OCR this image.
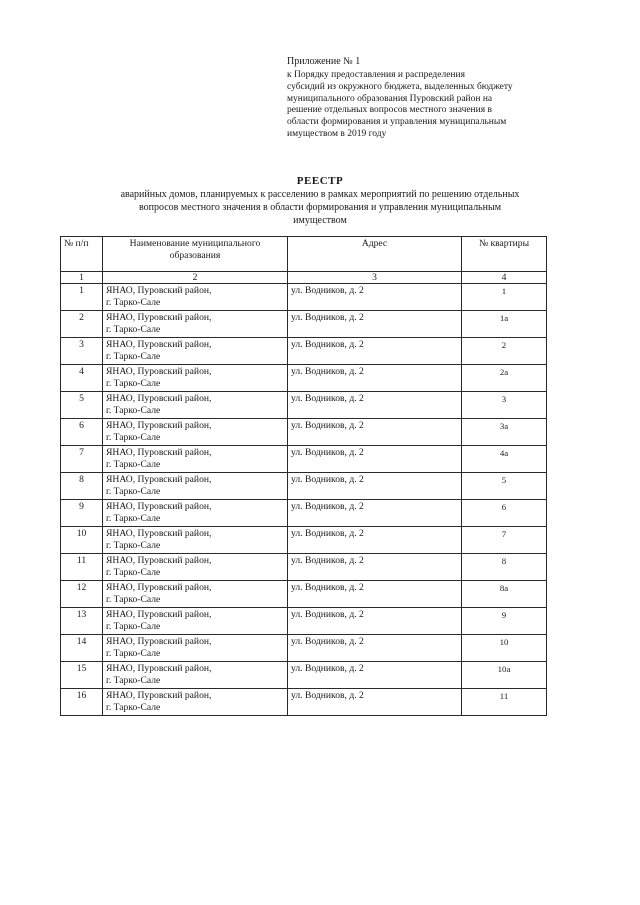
Приложение № 1
к Порядку предоставления и распределения
субсидий из окружного бюджета, выделенных бюджету
муниципального образования Пуровский район на
решение отдельных вопросов местного значения в
области формирования и управления муниципальным
имуществом в 2019 году
РЕЕСТР
аварийных домов, планируемых к расселению в рамках мероприятий по решению отдельных
вопросов местного значения в области формирования и управления муниципальным
имуществом
№ п/п	Наименование муниципального
образования	Адрес	№ квартиры
1	2	3	4
1	ЯНАО, Пуровский район,
г. Тарко-Сале	ул. Водников, д. 2	1
2	ЯНАО, Пуровский район,
г. Тарко-Сале	ул. Водников, д. 2	1а
3	ЯНАО, Пуровский район,
г. Тарко-Сале	ул. Водников, д. 2	2
4	ЯНАО, Пуровский район,
г. Тарко-Сале	ул. Водников, д. 2	2а
5	ЯНАО, Пуровский район,
г. Тарко-Сале	ул. Водников, д. 2	3
6	ЯНАО, Пуровский район,
г. Тарко-Сале	ул. Водников, д. 2	3а
7	ЯНАО, Пуровский район,
г. Тарко-Сале	ул. Водников, д. 2	4а
8	ЯНАО, Пуровский район,
г. Тарко-Сале	ул. Водников, д. 2	5
9	ЯНАО, Пуровский район,
г. Тарко-Сале	ул. Водников, д. 2	6
10	ЯНАО, Пуровский район,
г. Тарко-Сале	ул. Водников, д. 2	7
11	ЯНАО, Пуровский район,
г. Тарко-Сале	ул. Водников, д. 2	8
12	ЯНАО, Пуровский район,
г. Тарко-Сале	ул. Водников, д. 2	8а
13	ЯНАО, Пуровский район,
г. Тарко-Сале	ул. Водников, д. 2	9
14	ЯНАО, Пуровский район,
г. Тарко-Сале	ул. Водников, д. 2	10
15	ЯНАО, Пуровский район,
г. Тарко-Сале	ул. Водников, д. 2	10а
16	ЯНАО, Пуровский район,
г. Тарко-Сале	ул. Водников, д. 2	11
